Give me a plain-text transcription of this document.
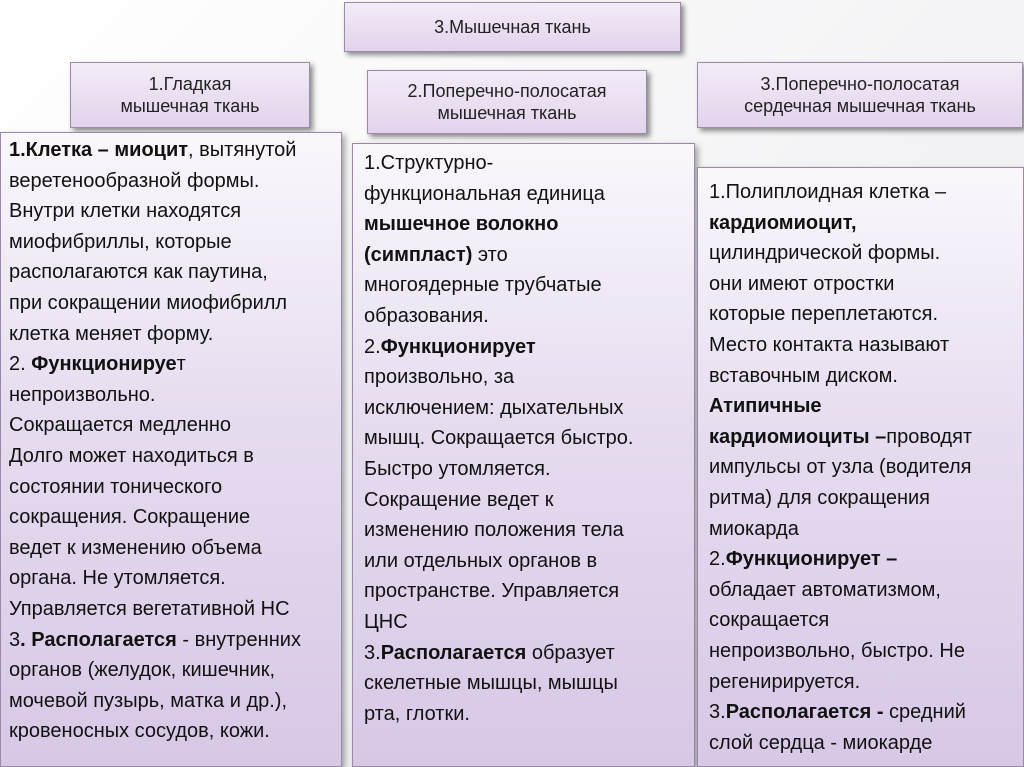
3.Мышечная ткань
1.Гладкая
мышечная ткань
2.Поперечно-полосатая
мышечная ткань
3.Поперечно-полосатая
сердечная мышечная ткань
1.Клетка – миоцит, вытянутой
веретенообразной формы.
Внутри клетки находятся
миофибриллы, которые
располагаются как паутина,
при сокращении миофибрилл
клетка меняет форму.
2. Функционирует
непроизвольно.
Сокращается медленно
Долго может находиться в
состоянии тонического
сокращения. Сокращение
ведет к изменению объема
органа. Не утомляется.
Управляется вегетативной НС
3. Располагается - внутренних
органов (желудок, кишечник,
мочевой пузырь, матка и др.),
кровеносных сосудов, кожи.
1.Структурно-
функциональная единица
мышечное волокно
(симпласт) это
многоядерные трубчатые
образования.
2.Функционирует
произвольно, за
исключением: дыхательных
мышц. Сокращается быстро.
Быстро утомляется.
Сокращение ведет к
изменению положения тела
или отдельных органов в
пространстве. Управляется
ЦНС
3.Располагается образует
скелетные мышцы, мышцы
рта, глотки.
1.Полиплоидная клетка –
кардиомиоцит,
цилиндрической формы.
они имеют отростки
которые переплетаются.
Место контакта называют
вставочным диском.
Атипичные
кардиомиоциты –проводят
импульсы от узла (водителя
ритма) для сокращения
миокарда
2.Функционирует –
обладает автоматизмом,
сокращается
непроизвольно, быстро. Не
регенирируется.
3.Располагается - средний
слой сердца - миокарде
